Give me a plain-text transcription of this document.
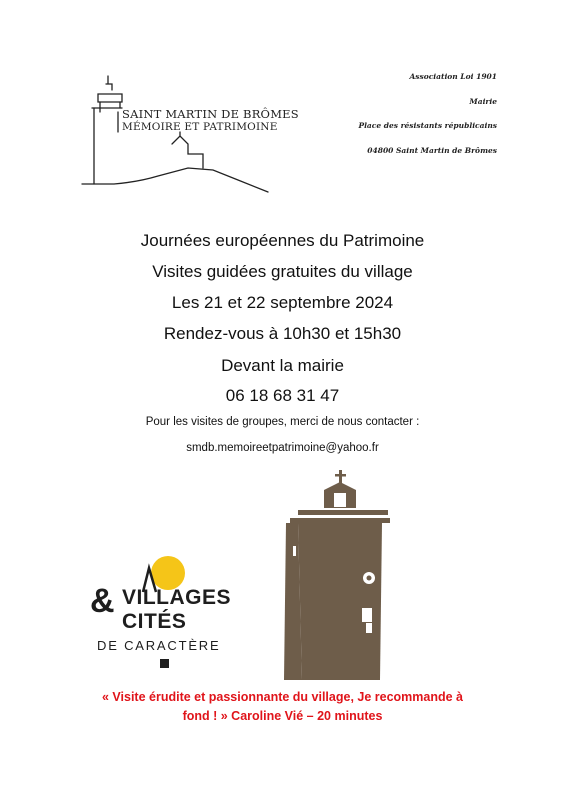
SAINT MARTIN DE BRÔMES
MÉMOIRE ET PATRIMOINE
Association Loi 1901
Mairie
Place des résistants républicains
04800 Saint Martin de Brômes
Journées européennes du Patrimoine
Visites guidées gratuites du village
Les 21 et 22 septembre 2024
Rendez-vous à 10h30 et 15h30
Devant la mairie
06 18 68 31 47
Pour les visites de groupes, merci de nous contacter :
smdb.memoireetpatrimoine@yahoo.fr
& VILLAGES
CITÉS
DE CARACTÈRE
« Visite érudite et passionnante du village, Je recommande à
fond ! » Caroline Vié – 20 minutes
